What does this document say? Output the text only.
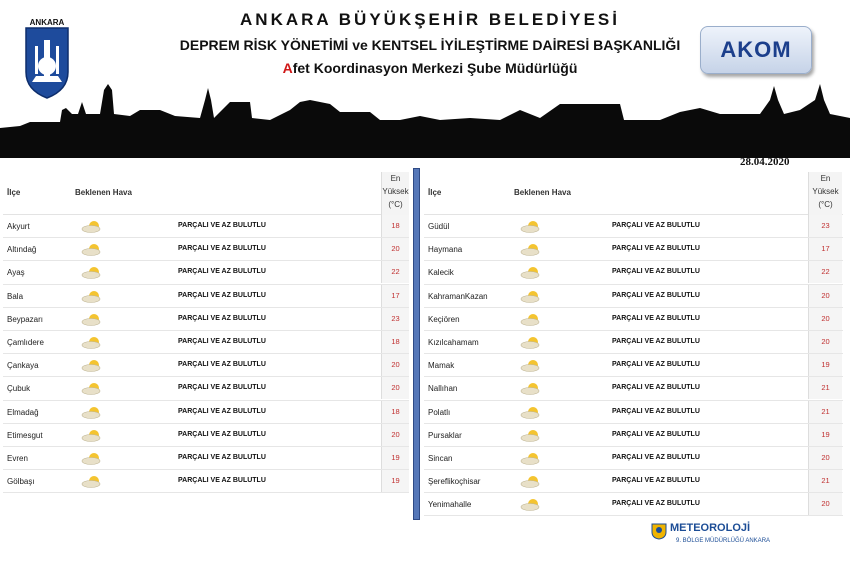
ANKARA	ANKARA BÜYÜKŞEHİR BELEDİYESİ
DEPREM RİSK YÖNETİMİ ve KENTSEL İYİLEŞTİRME DAİRESİ BAŞKANLIĞI
Afet Koordinasyon Merkezi Şube Müdürlüğü
AKOM
28.04.2020
İlçe	Beklenen Hava
En
Yüksek
(°C)
Akyurt	PARÇALI VE AZ BULUTLU	18
Altındağ	PARÇALI VE AZ BULUTLU	20
Ayaş	PARÇALI VE AZ BULUTLU	22
Bala	PARÇALI VE AZ BULUTLU	17
Beypazarı	PARÇALI VE AZ BULUTLU	23
Çamlıdere	PARÇALI VE AZ BULUTLU	18
Çankaya	PARÇALI VE AZ BULUTLU	20
Çubuk	PARÇALI VE AZ BULUTLU	20
Elmadağ	PARÇALI VE AZ BULUTLU	18
Etimesgut	PARÇALI VE AZ BULUTLU	20
Evren	PARÇALI VE AZ BULUTLU	19
Gölbaşı	PARÇALI VE AZ BULUTLU	19
İlçe	Beklenen Hava
En
Yüksek
(°C)
Güdül	PARÇALI VE AZ BULUTLU	23
Haymana	PARÇALI VE AZ BULUTLU	17
Kalecik	PARÇALI VE AZ BULUTLU	22
KahramanKazan	PARÇALI VE AZ BULUTLU	20
Keçiören	PARÇALI VE AZ BULUTLU	20
Kızılcahamam	PARÇALI VE AZ BULUTLU	20
Mamak	PARÇALI VE AZ BULUTLU	19
Nallıhan	PARÇALI VE AZ BULUTLU	21
Polatlı	PARÇALI VE AZ BULUTLU	21
Pursaklar	PARÇALI VE AZ BULUTLU	19
Sincan	PARÇALI VE AZ BULUTLU	20
Şereflikoçhisar	PARÇALI VE AZ BULUTLU	21
Yenimahalle	PARÇALI VE AZ BULUTLU	20
METEOROLOJİ
9. BÖLGE MÜDÜRLÜĞÜ ANKARA
